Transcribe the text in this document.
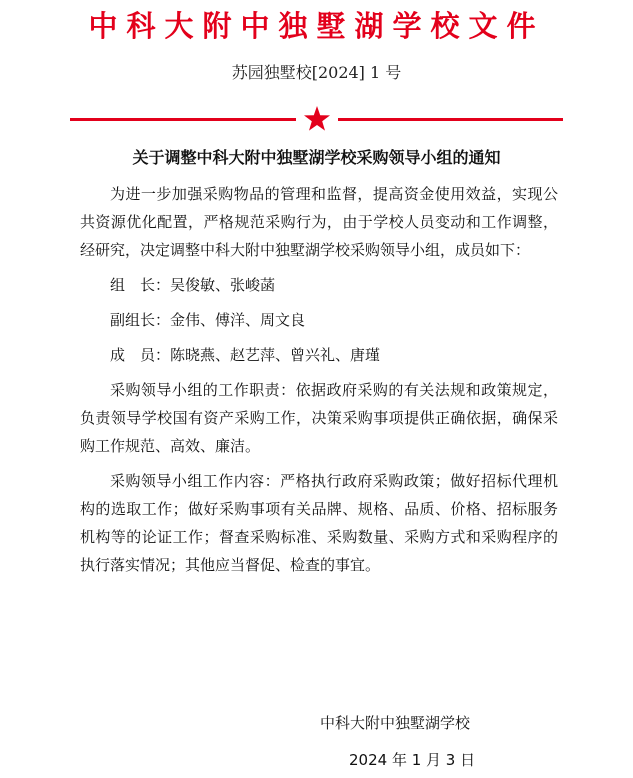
中科大附中独墅湖学校文件
苏园独墅校[2024] 1 号
关于调整中科大附中独墅湖学校采购领导小组的通知

为进一步加强采购物品的管理和监督，提高资金使用效益，实现公共资源优化配置，严格规范采购行为，由于学校人员变动和工作调整，经研究，决定调整中科大附中独墅湖学校采购领导小组，成员如下：

组　长：吴俊敏、张峻菡
副组长：金伟、傅洋、周文良
成　员：陈晓燕、赵艺萍、曾兴礼、唐瑾

采购领导小组的工作职责：依据政府采购的有关法规和政策规定，负责领导学校国有资产采购工作，决策采购事项提供正确依据，确保采购工作规范、高效、廉洁。

采购领导小组工作内容：严格执行政府采购政策；做好招标代理机构的选取工作；做好采购事项有关品牌、规格、品质、价格、招标服务机构等的论证工作；督查采购标准、采购数量、采购方式和采购程序的执行落实情况；其他应当督促、检查的事宜。

中科大附中独墅湖学校
2024 年 1 月 3 日
